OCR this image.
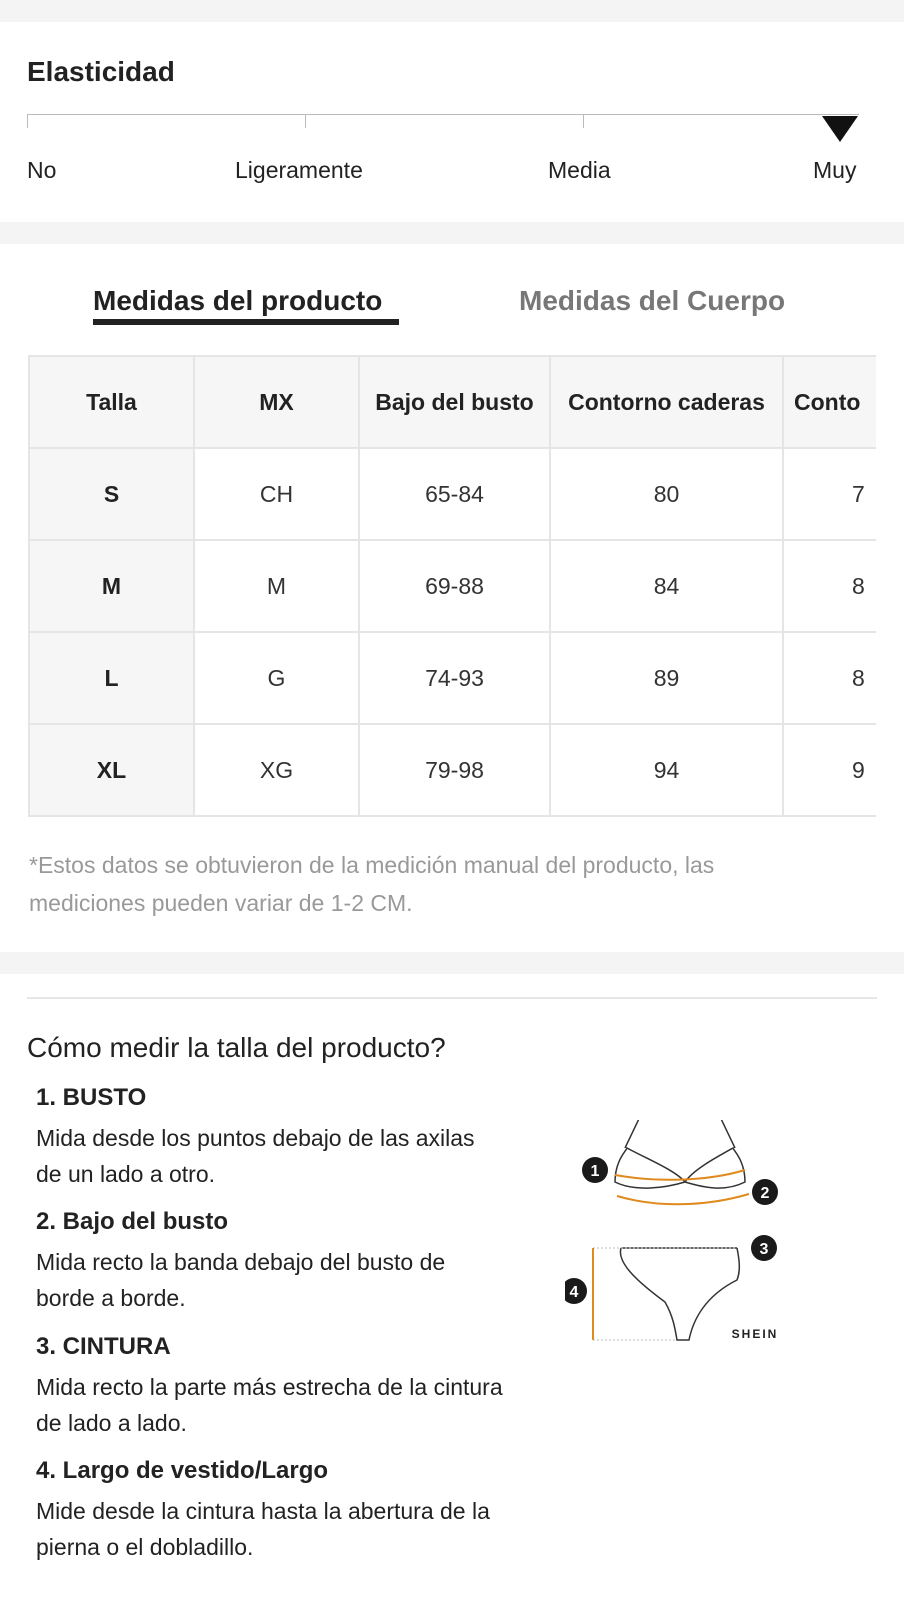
Elasticidad
No	Ligeramente	Media	Muy
Medidas del producto	Medidas del Cuerpo
Talla	MX	Bajo del busto	Contorno caderas	Conto
S	CH	65-84	80	7
M	M	69-88	84	8
L	G	74-93	89	8
XL	XG	79-98	94	9
*Estos datos se obtuvieron de la medición manual del producto, las mediciones pueden variar de 1-2 CM.
Cómo medir la talla del producto?
1. BUSTO
Mida desde los puntos debajo de las axilas de un lado a otro.
2. Bajo del busto
Mida recto la banda debajo del busto de borde a borde.
3. CINTURA
Mida recto la parte más estrecha de la cintura de lado a lado.
4. Largo de vestido/Largo
Mide desde la cintura hasta la abertura de la pierna o el dobladillo.
1
2
3
4
SHEIN
